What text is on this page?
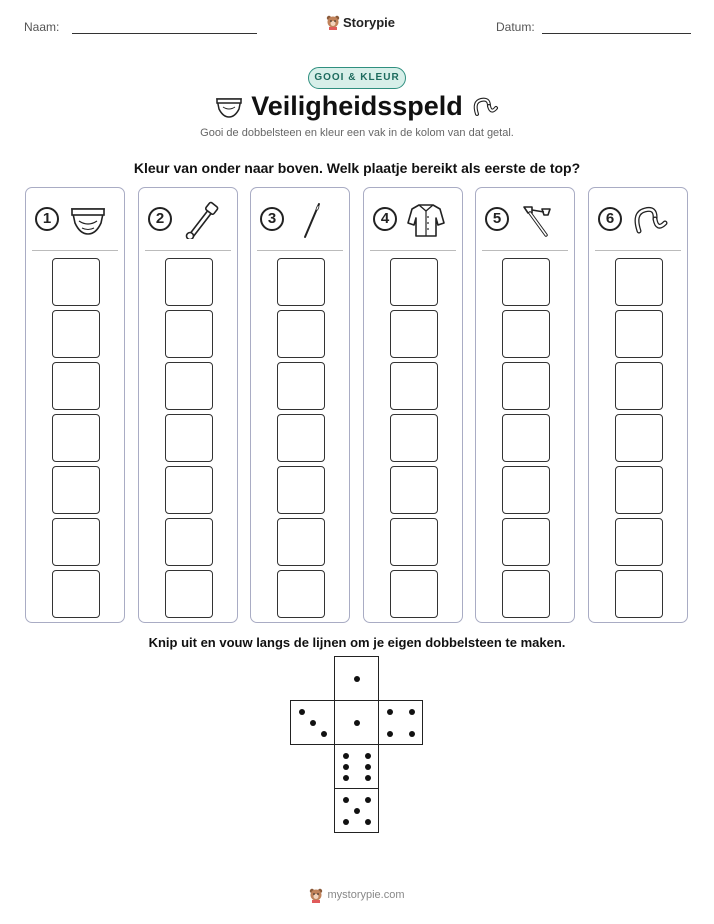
Naam:	Storypie	Datum:
GOOI & KLEUR
Veiligheidsspeld
Gooi de dobbelsteen en kleur een vak in de kolom van dat getal.
Kleur van onder naar boven. Welk plaatje bereikt als eerste de top?
1	2	3	4	5	6
Knip uit en vouw langs de lijnen om je eigen dobbelsteen te maken.
mystorypie.com
